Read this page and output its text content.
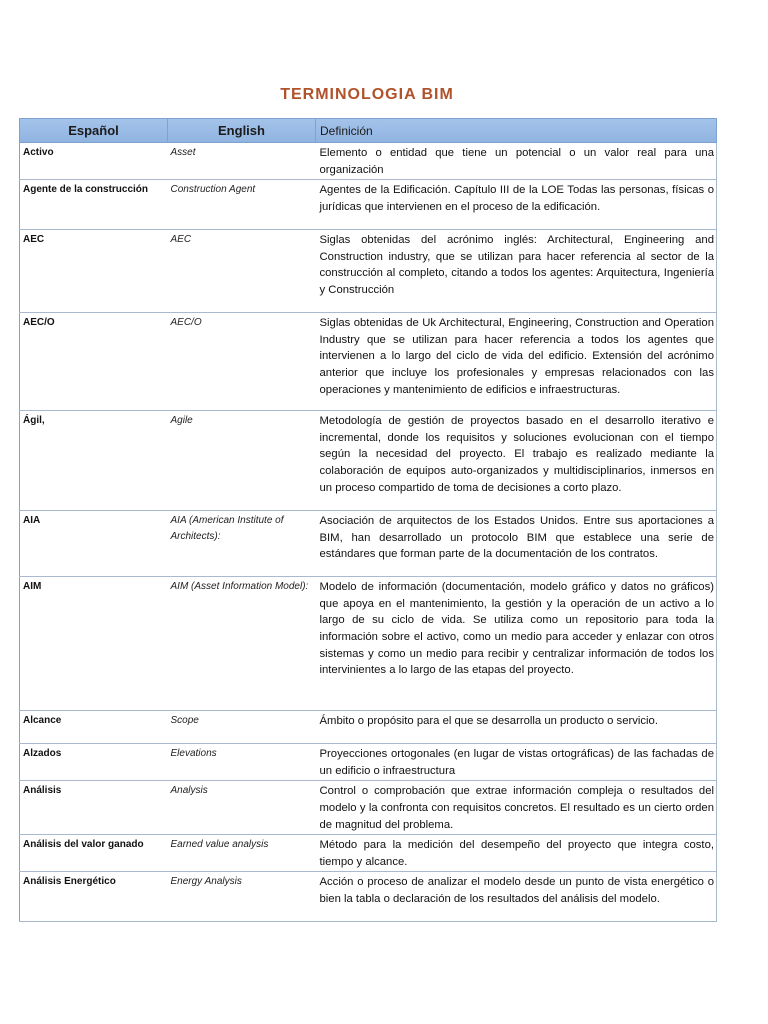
TERMINOLOGIA BIM
Español	English	Definición
Activo	Asset	Elemento o entidad que tiene un potencial o un valor real para una organización
Agente de la construcción	Construction Agent	Agentes de la Edificación. Capítulo III de la LOE Todas las personas, físicas o jurídicas que intervienen en el proceso de la edificación.
AEC	AEC	Siglas obtenidas del acrónimo inglés: Architectural, Engineering and Construction industry, que se utilizan para hacer referencia al sector de la construcción al completo, citando a todos los agentes: Arquitectura, Ingeniería y Construcción
AEC/O	AEC/O	Siglas obtenidas de Uk Architectural, Engineering, Construction and Operation Industry que se utilizan para hacer referencia a todos los agentes que intervienen a lo largo del ciclo de vida del edificio. Extensión del acrónimo anterior que incluye los profesionales y empresas relacionados con las operaciones y mantenimiento de edificios e infraestructuras.
Ágil,	Agile	Metodología de gestión de proyectos basado en el desarrollo iterativo e incremental, donde los requisitos y soluciones evolucionan con el tiempo según la necesidad del proyecto. El trabajo es realizado mediante la colaboración de equipos auto-organizados y multidisciplinarios, inmersos en un proceso compartido de toma de decisiones a corto plazo.
AIA	AIA (American Institute of Architects):	Asociación de arquitectos de los Estados Unidos. Entre sus aportaciones a BIM, han desarrollado un protocolo BIM que establece una serie de estándares que forman parte de la documentación de los contratos.
AIM	AIM (Asset Information Model):	Modelo de información (documentación, modelo gráfico y datos no gráficos) que apoya en el mantenimiento, la gestión y la operación de un activo a lo largo de su ciclo de vida. Se utiliza como un repositorio para toda la información sobre el activo, como un medio para acceder y enlazar con otros sistemas y como un medio para recibir y centralizar información de todos los intervinientes a lo largo de las etapas del proyecto.
Alcance	Scope	Ámbito o propósito para el que se desarrolla un producto o servicio.
Alzados	Elevations	Proyecciones ortogonales (en lugar de vistas ortográficas) de las fachadas de un edificio o infraestructura
Análisis	Analysis	Control o comprobación que extrae información compleja o resultados del modelo y la confronta con requisitos concretos. El resultado es un cierto orden de magnitud del problema.
Análisis del valor ganado	Earned value analysis	Método para la medición del desempeño del proyecto que integra costo, tiempo y alcance.
Análisis Energético	Energy Analysis	Acción o proceso de analizar el modelo desde un punto de vista energético o bien la tabla o declaración de los resultados del análisis del modelo.
